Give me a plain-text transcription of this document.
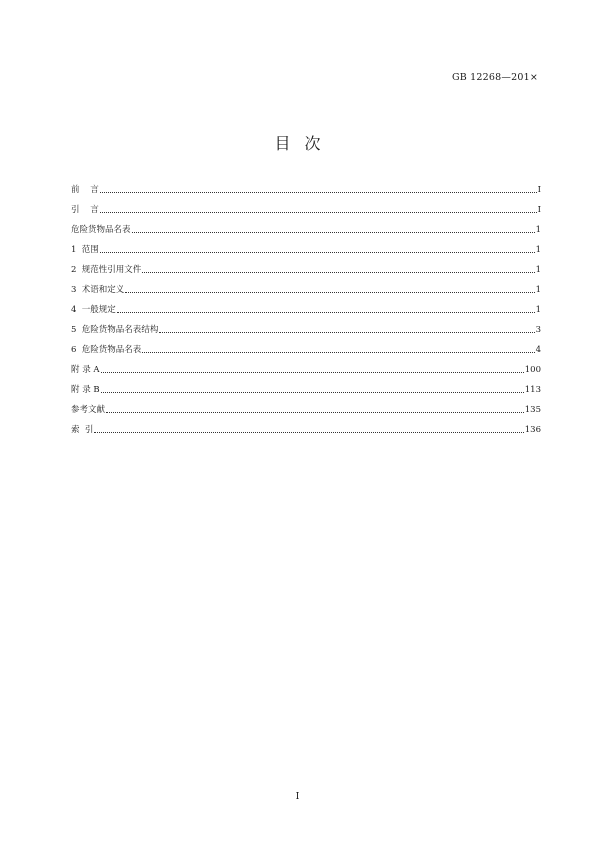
GB 12268—201×
目次
前    言	Ⅰ
引    言	Ⅰ
危险货物品名表	1
1  范围	1
2  规范性引用文件	1
3  术语和定义	1
4  一般规定	1
5  危险货物品名表结构	3
6  危险货物品名表	4
附 录 A	100
附 录 B	113
参考文献	135
索  引	136
Ⅰ
